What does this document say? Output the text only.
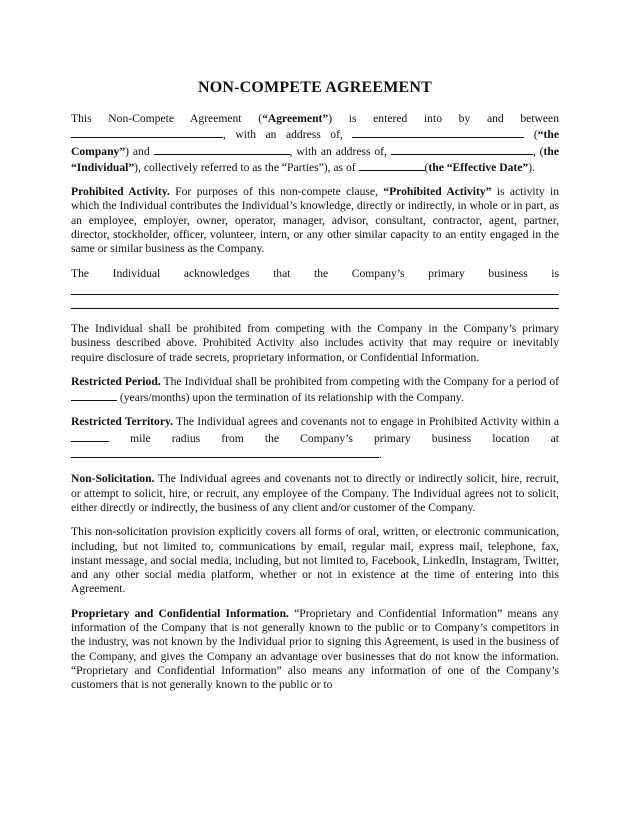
NON-COMPETE AGREEMENT

This Non-Compete Agreement (“Agreement”) is entered into by and between , with an address of,	(“the Company”) and	, with an address of,	, (the “Individual”), collectively referred to as the “Parties”), as of	(the “Effective Date”).

Prohibited Activity. For purposes of this non-compete clause, “Prohibited Activity” is activity in which the Individual contributes the Individual’s knowledge, directly or indirectly, in whole or in part, as an employee, employer, owner, operator, manager, advisor, consultant, contractor, agent, partner, director, stockholder, officer, volunteer, intern, or any other similar capacity to an entity engaged in the same or similar business as the Company.

The Individual acknowledges that the Company’s primary business is

The Individual shall be prohibited from competing with the Company in the Company’s primary business described above. Prohibited Activity also includes activity that may require or inevitably require disclosure of trade secrets, proprietary information, or Confidential Information.

Restricted Period. The Individual shall be prohibited from competing with the Company for a period of  (years/months) upon the termination of its relationship with the Company.

Restricted Territory. The Individual agrees and covenants not to engage in Prohibited Activity within a  mile radius from the Company’s primary business location at .

Non-Solicitation. The Individual agrees and covenants not to directly or indirectly solicit, hire, recruit, or attempt to solicit, hire, or recruit, any employee of the Company. The Individual agrees not to solicit, either directly or indirectly, the business of any client and/or customer of the Company.

This non-solicitation provision explicitly covers all forms of oral, written, or electronic communication, including, but not limited to, communications by email, regular mail, express mail, telephone, fax, instant message, and social media, including, but not limited to, Facebook, LinkedIn, Instagram, Twitter, and any other social media platform, whether or not in existence at the time of entering into this Agreement.

Proprietary and Confidential Information. “Proprietary and Confidential Information” means any information of the Company that is not generally known to the public or to Company’s competitors in the industry, was not known by the Individual prior to signing this Agreement, is used in the business of the Company, and gives the Company an advantage over businesses that do not know the information. “Proprietary and Confidential Information” also means any information of one of the Company’s customers that is not generally known to the public or to
